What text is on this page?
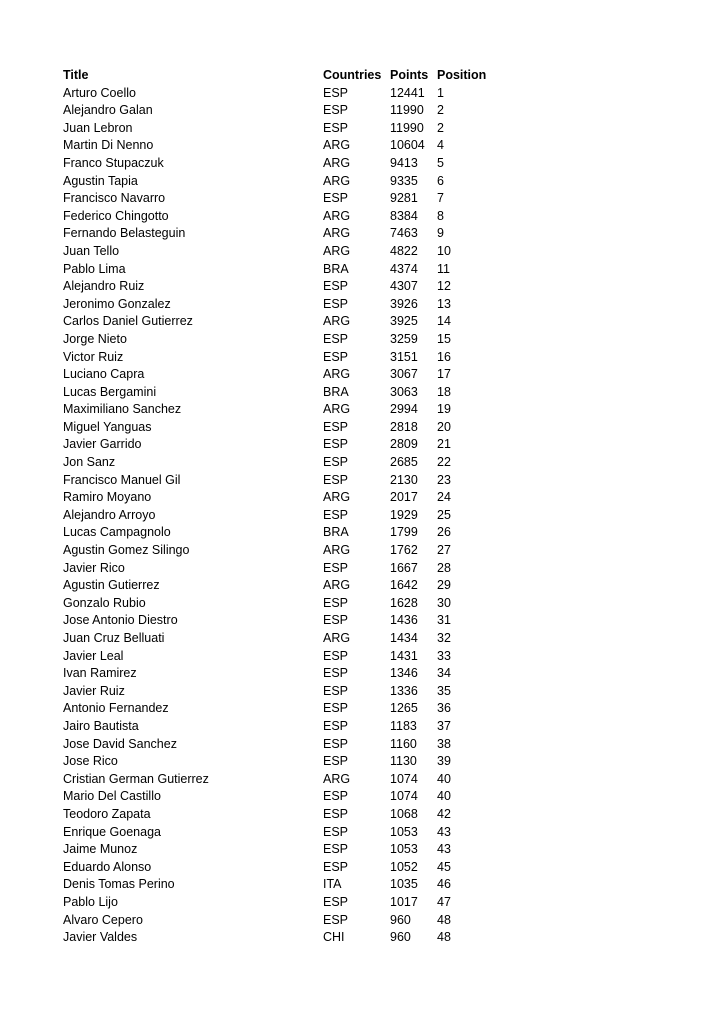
Title	Countries	Points	Position
Arturo Coello	ESP	12441	1
Alejandro Galan	ESP	11990	2
Juan Lebron	ESP	11990	2
Martin Di Nenno	ARG	10604	4
Franco Stupaczuk	ARG	9413	5
Agustin Tapia	ARG	9335	6
Francisco Navarro	ESP	9281	7
Federico Chingotto	ARG	8384	8
Fernando Belasteguin	ARG	7463	9
Juan Tello	ARG	4822	10
Pablo Lima	BRA	4374	11
Alejandro Ruiz	ESP	4307	12
Jeronimo Gonzalez	ESP	3926	13
Carlos Daniel Gutierrez	ARG	3925	14
Jorge Nieto	ESP	3259	15
Victor Ruiz	ESP	3151	16
Luciano Capra	ARG	3067	17
Lucas Bergamini	BRA	3063	18
Maximiliano Sanchez	ARG	2994	19
Miguel Yanguas	ESP	2818	20
Javier Garrido	ESP	2809	21
Jon Sanz	ESP	2685	22
Francisco Manuel Gil	ESP	2130	23
Ramiro Moyano	ARG	2017	24
Alejandro Arroyo	ESP	1929	25
Lucas Campagnolo	BRA	1799	26
Agustin Gomez Silingo	ARG	1762	27
Javier Rico	ESP	1667	28
Agustin Gutierrez	ARG	1642	29
Gonzalo Rubio	ESP	1628	30
Jose Antonio Diestro	ESP	1436	31
Juan Cruz Belluati	ARG	1434	32
Javier Leal	ESP	1431	33
Ivan Ramirez	ESP	1346	34
Javier Ruiz	ESP	1336	35
Antonio Fernandez	ESP	1265	36
Jairo Bautista	ESP	1183	37
Jose David Sanchez	ESP	1160	38
Jose Rico	ESP	1130	39
Cristian German Gutierrez	ARG	1074	40
Mario Del Castillo	ESP	1074	40
Teodoro Zapata	ESP	1068	42
Enrique Goenaga	ESP	1053	43
Jaime Munoz	ESP	1053	43
Eduardo Alonso	ESP	1052	45
Denis Tomas Perino	ITA	1035	46
Pablo Lijo	ESP	1017	47
Alvaro Cepero	ESP	960	48
Javier Valdes	CHI	960	48
